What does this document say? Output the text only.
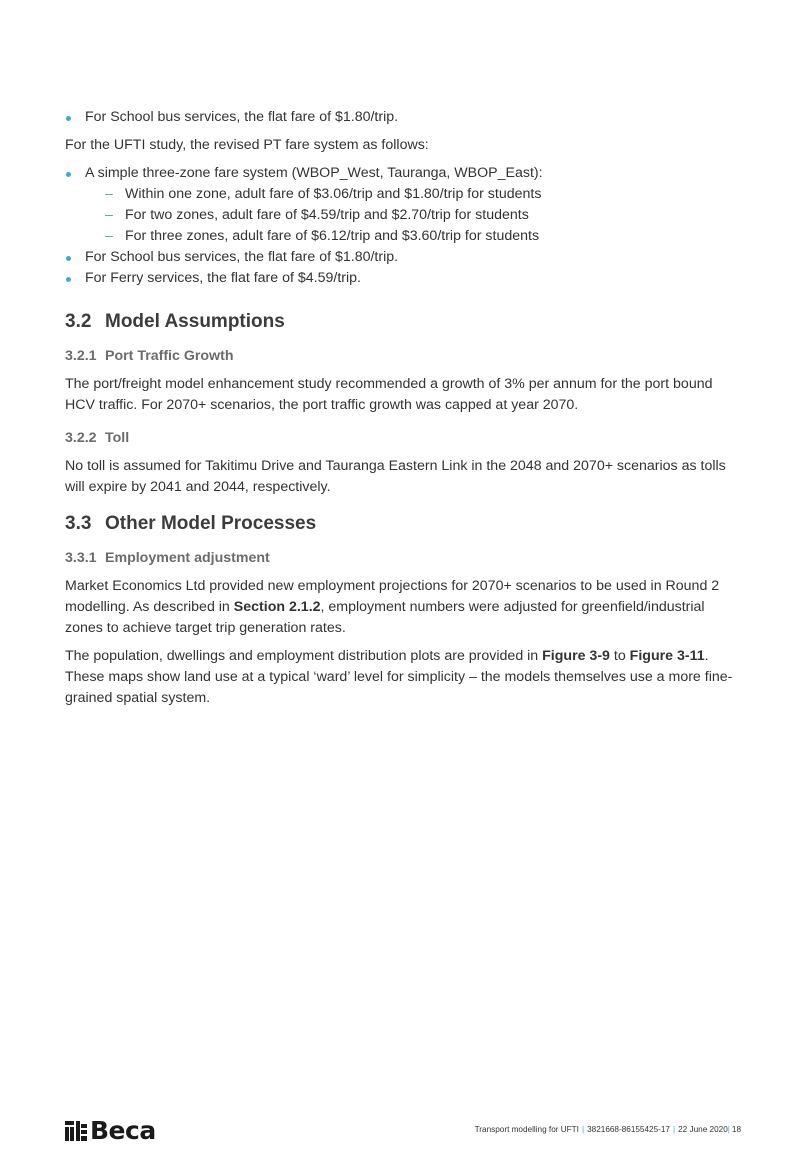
For School bus services, the flat fare of $1.80/trip.

For the UFTI study, the revised PT fare system as follows:

A simple three-zone fare system (WBOP_West, Tauranga, WBOP_East):
– Within one zone, adult fare of $3.06/trip and $1.80/trip for students
– For two zones, adult fare of $4.59/trip and $2.70/trip for students
– For three zones, adult fare of $6.12/trip and $3.60/trip for students
For School bus services, the flat fare of $1.80/trip.
For Ferry services, the flat fare of $4.59/trip.
3.2 Model Assumptions
3.2.1 Port Traffic Growth

The port/freight model enhancement study recommended a growth of 3% per annum for the port bound HCV traffic. For 2070+ scenarios, the port traffic growth was capped at year 2070.

3.2.2 Toll

No toll is assumed for Takitimu Drive and Tauranga Eastern Link in the 2048 and 2070+ scenarios as tolls will expire by 2041 and 2044, respectively.

3.3 Other Model Processes
3.3.1 Employment adjustment

Market Economics Ltd provided new employment projections for 2070+ scenarios to be used in Round 2 modelling. As described in Section 2.1.2, employment numbers were adjusted for greenfield/industrial zones to achieve target trip generation rates.

The population, dwellings and employment distribution plots are provided in Figure 3-9 to Figure 3-11. These maps show land use at a typical ‘ward’ level for simplicity – the models themselves use a more fine-grained spatial system.

Beca	Transport modelling for UFTI | 3821668-86155425-17 | 22 June 2020| 18
